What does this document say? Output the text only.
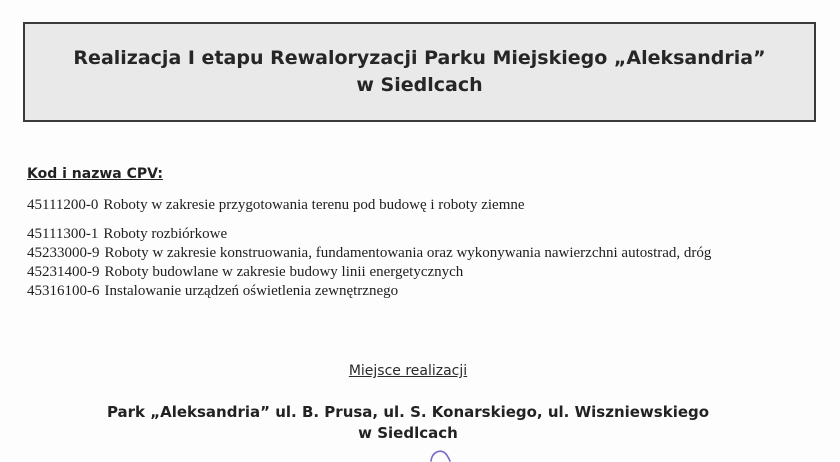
Realizacja I etapu Rewaloryzacji Parku Miejskiego „Aleksandria”
w Siedlcach
Kod i nazwa CPV:
45111200-0 Roboty w zakresie przygotowania terenu pod budowę i roboty ziemne
45111300-1 Roboty rozbiórkowe
45233000-9 Roboty w zakresie konstruowania, fundamentowania oraz wykonywania nawierzchni autostrad, dróg
45231400-9 Roboty budowlane w zakresie budowy linii energetycznych
45316100-6 Instalowanie urządzeń oświetlenia zewnętrznego
Miejsce realizacji
Park „Aleksandria” ul. B. Prusa, ul. S. Konarskiego, ul. Wiszniewskiego
w Siedlcach
